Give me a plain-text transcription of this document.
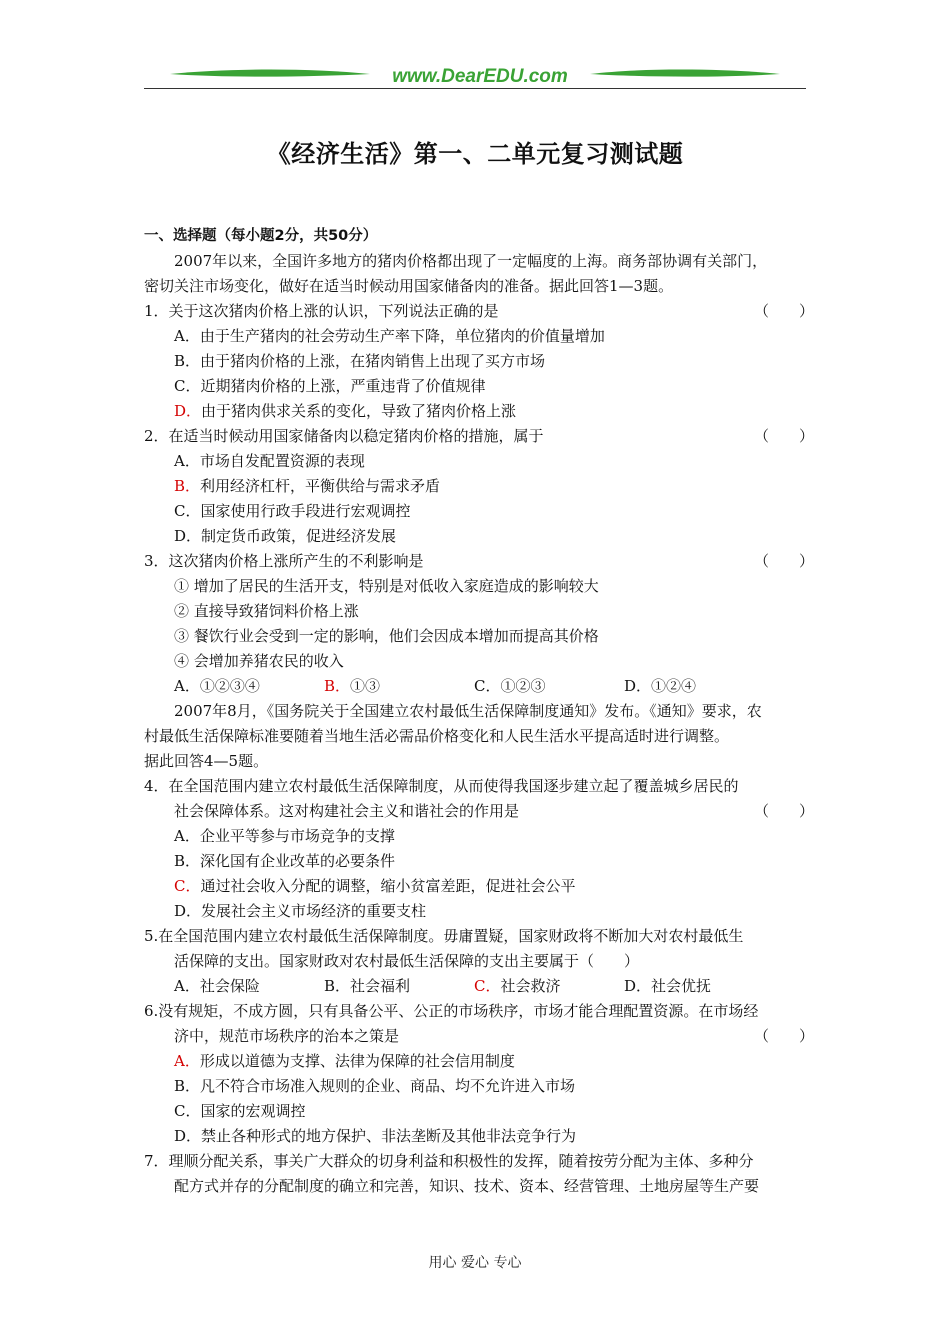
www.DearEDU.com
《经济生活》第一、二单元复习测试题
一、选择题（每小题2分，共50分）
2007年以来，全国许多地方的猪肉价格都出现了一定幅度的上海。商务部协调有关部门，
密切关注市场变化，做好在适当时候动用国家储备肉的准备。据此回答1—3题。
1．关于这次猪肉价格上涨的认识，下列说法正确的是	（　　）
A．由于生产猪肉的社会劳动生产率下降，单位猪肉的价值量增加
B．由于猪肉价格的上涨，在猪肉销售上出现了买方市场
C．近期猪肉价格的上涨，严重违背了价值规律
D．由于猪肉供求关系的变化，导致了猪肉价格上涨
2．在适当时候动用国家储备肉以稳定猪肉价格的措施，属于	（　　）
A．市场自发配置资源的表现
B．利用经济杠杆，平衡供给与需求矛盾
C．国家使用行政手段进行宏观调控
D．制定货币政策，促进经济发展
3．这次猪肉价格上涨所产生的不利影响是	（　　）
① 增加了居民的生活开支，特别是对低收入家庭造成的影响较大
② 直接导致猪饲料价格上涨
③ 餐饮行业会受到一定的影响，他们会因成本增加而提高其价格
④ 会增加养猪农民的收入
A．①②③④	B．①③	C．①②③	D．①②④
2007年8月，《国务院关于全国建立农村最低生活保障制度通知》发布。《通知》要求，农
村最低生活保障标准要随着当地生活必需品价格变化和人民生活水平提高适时进行调整。
据此回答4—5题。
4．在全国范围内建立农村最低生活保障制度，从而使得我国逐步建立起了覆盖城乡居民的
社会保障体系。这对构建社会主义和谐社会的作用是	（　　）
A．企业平等参与市场竞争的支撑
B．深化国有企业改革的必要条件
C．通过社会收入分配的调整，缩小贫富差距，促进社会公平
D．发展社会主义市场经济的重要支柱
5.在全国范围内建立农村最低生活保障制度。毋庸置疑，国家财政将不断加大对农村最低生
活保障的支出。国家财政对农村最低生活保障的支出主要属于（　　）
A．社会保险	B．社会福利	C．社会救济	D．社会优抚
6.没有规矩，不成方圆，只有具备公平、公正的市场秩序，市场才能合理配置资源。在市场经
济中，规范市场秩序的治本之策是	（　　）
A．形成以道德为支撑、法律为保障的社会信用制度
B．凡不符合市场准入规则的企业、商品、均不允许进入市场
C．国家的宏观调控
D．禁止各种形式的地方保护、非法垄断及其他非法竞争行为
7．理顺分配关系，事关广大群众的切身利益和积极性的发挥，随着按劳分配为主体、多种分
配方式并存的分配制度的确立和完善，知识、技术、资本、经营管理、土地房屋等生产要
用心 爱心 专心
